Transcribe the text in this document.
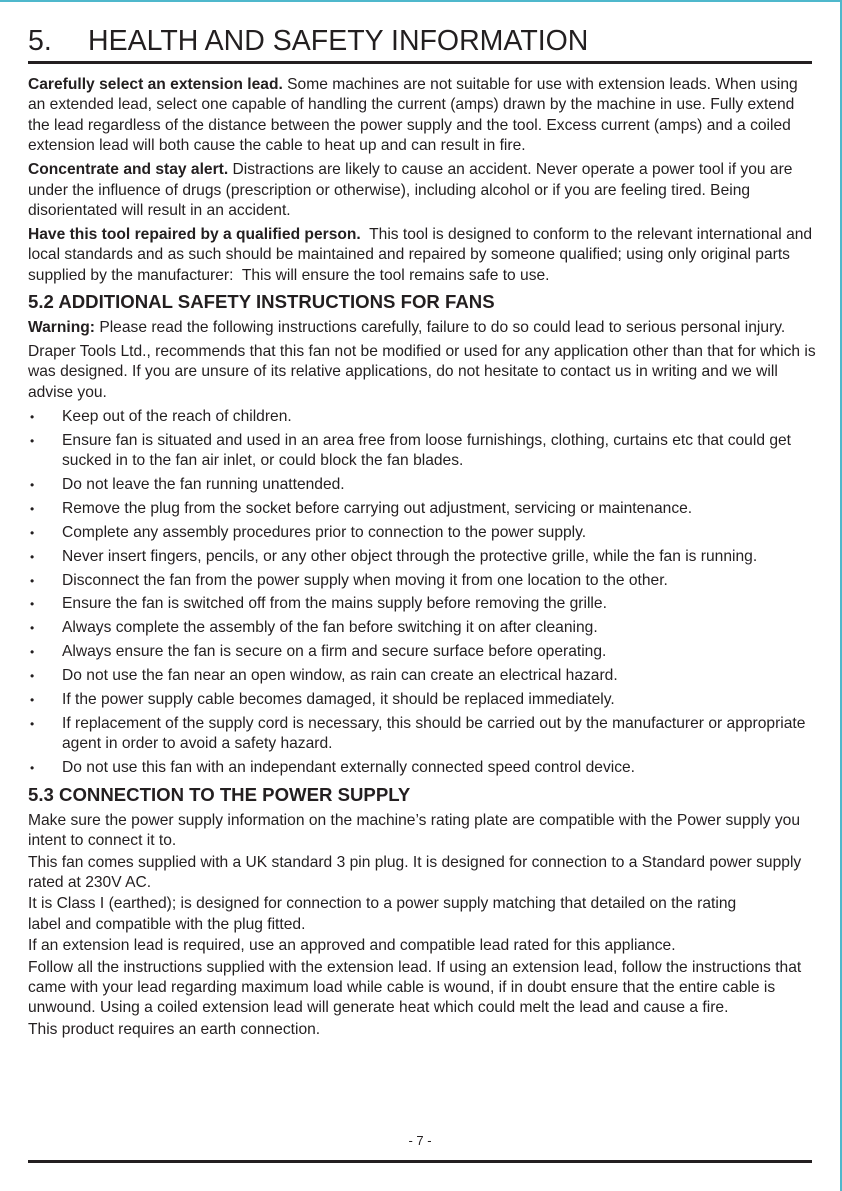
5. HEALTH AND SAFETY INFORMATION

Carefully select an extension lead. Some machines are not suitable for use with extension leads. When using an extended lead, select one capable of handling the current (amps) drawn by the machine in use. Fully extend the lead regardless of the distance between the power supply and the tool. Excess current (amps) and a coiled extension lead will both cause the cable to heat up and can result in fire.

Concentrate and stay alert. Distractions are likely to cause an accident. Never operate a power tool if you are under the influence of drugs (prescription or otherwise), including alcohol or if you are feeling tired. Being disorientated will result in an accident.

Have this tool repaired by a qualified person.  This tool is designed to conform to the relevant international and local standards and as such should be maintained and repaired by someone qualified; using only original parts supplied by the manufacturer:  This will ensure the tool remains safe to use.

5.2 ADDITIONAL SAFETY INSTRUCTIONS FOR FANS

Warning: Please read the following instructions carefully, failure to do so could lead to serious personal injury.

Draper Tools Ltd., recommends that this fan not be modified or used for any application other than that for which is was designed. If you are unsure of its relative applications, do not hesitate to contact us in writing and we will advise you.

• Keep out of the reach of children.
• Ensure fan is situated and used in an area free from loose furnishings, clothing, curtains etc that could get sucked in to the fan air inlet, or could block the fan blades.
• Do not leave the fan running unattended.
• Remove the plug from the socket before carrying out adjustment, servicing or maintenance.
• Complete any assembly procedures prior to connection to the power supply.
• Never insert fingers, pencils, or any other object through the protective grille, while the fan is running.
• Disconnect the fan from the power supply when moving it from one location to the other.
• Ensure the fan is switched off from the mains supply before removing the grille.
• Always complete the assembly of the fan before switching it on after cleaning.
• Always ensure the fan is secure on a firm and secure surface before operating.
• Do not use the fan near an open window, as rain can create an electrical hazard.
• If the power supply cable becomes damaged, it should be replaced immediately.
• If replacement of the supply cord is necessary, this should be carried out by the manufacturer or appropriate agent in order to avoid a safety hazard.
• Do not use this fan with an independant externally connected speed control device.
5.3 CONNECTION TO THE POWER SUPPLY

Make sure the power supply information on the machine’s rating plate are compatible with the Power supply you intent to connect it to.

This fan comes supplied with a UK standard 3 pin plug. It is designed for connection to a Standard power supply rated at 230V AC.

It is Class I (earthed); is designed for connection to a power supply matching that detailed on the rating label and compatible with the plug fitted.

If an extension lead is required, use an approved and compatible lead rated for this appliance.

Follow all the instructions supplied with the extension lead. If using an extension lead, follow the instructions that came with your lead regarding maximum load while cable is wound, if in doubt ensure that the entire cable is unwound. Using a coiled extension lead will generate heat which could melt the lead and cause a fire.

This product requires an earth connection.

- 7 -
